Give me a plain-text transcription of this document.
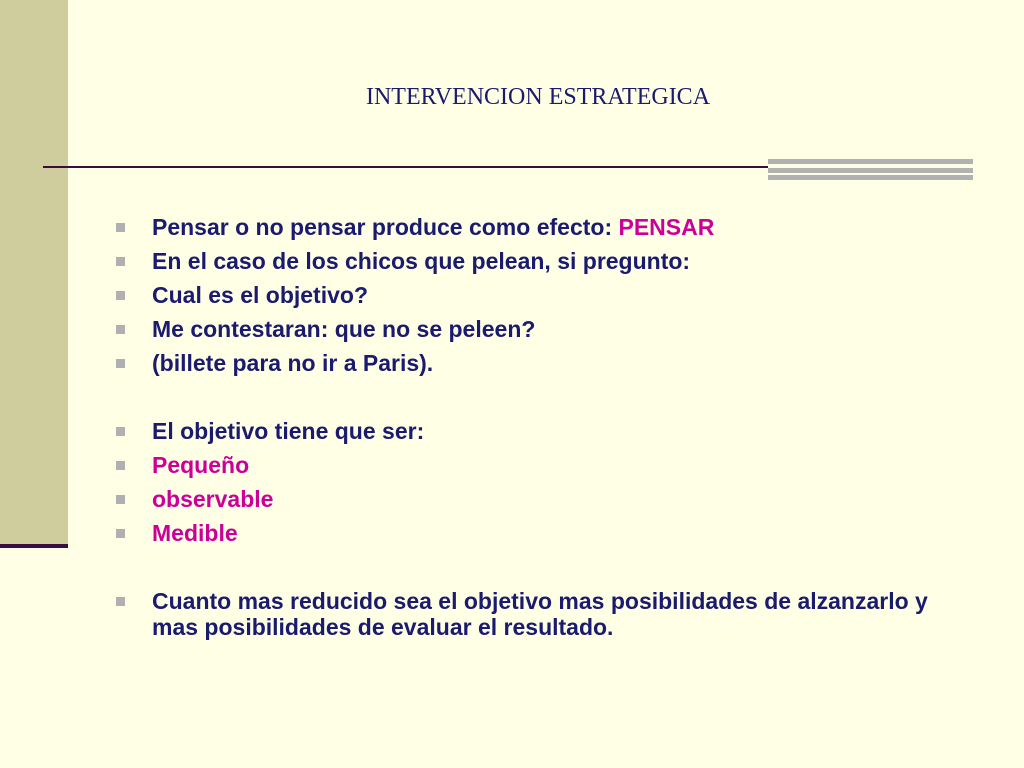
INTERVENCION ESTRATEGICA
Pensar o no pensar produce como efecto: PENSAR
En el caso de los chicos que pelean, si pregunto:
Cual es el objetivo?
Me contestaran: que no se peleen?
(billete para no ir a Paris).
El objetivo tiene que ser:
Pequeño
observable
Medible
Cuanto mas reducido sea el objetivo mas posibilidades de alzanzarlo y mas posibilidades de evaluar el resultado.
